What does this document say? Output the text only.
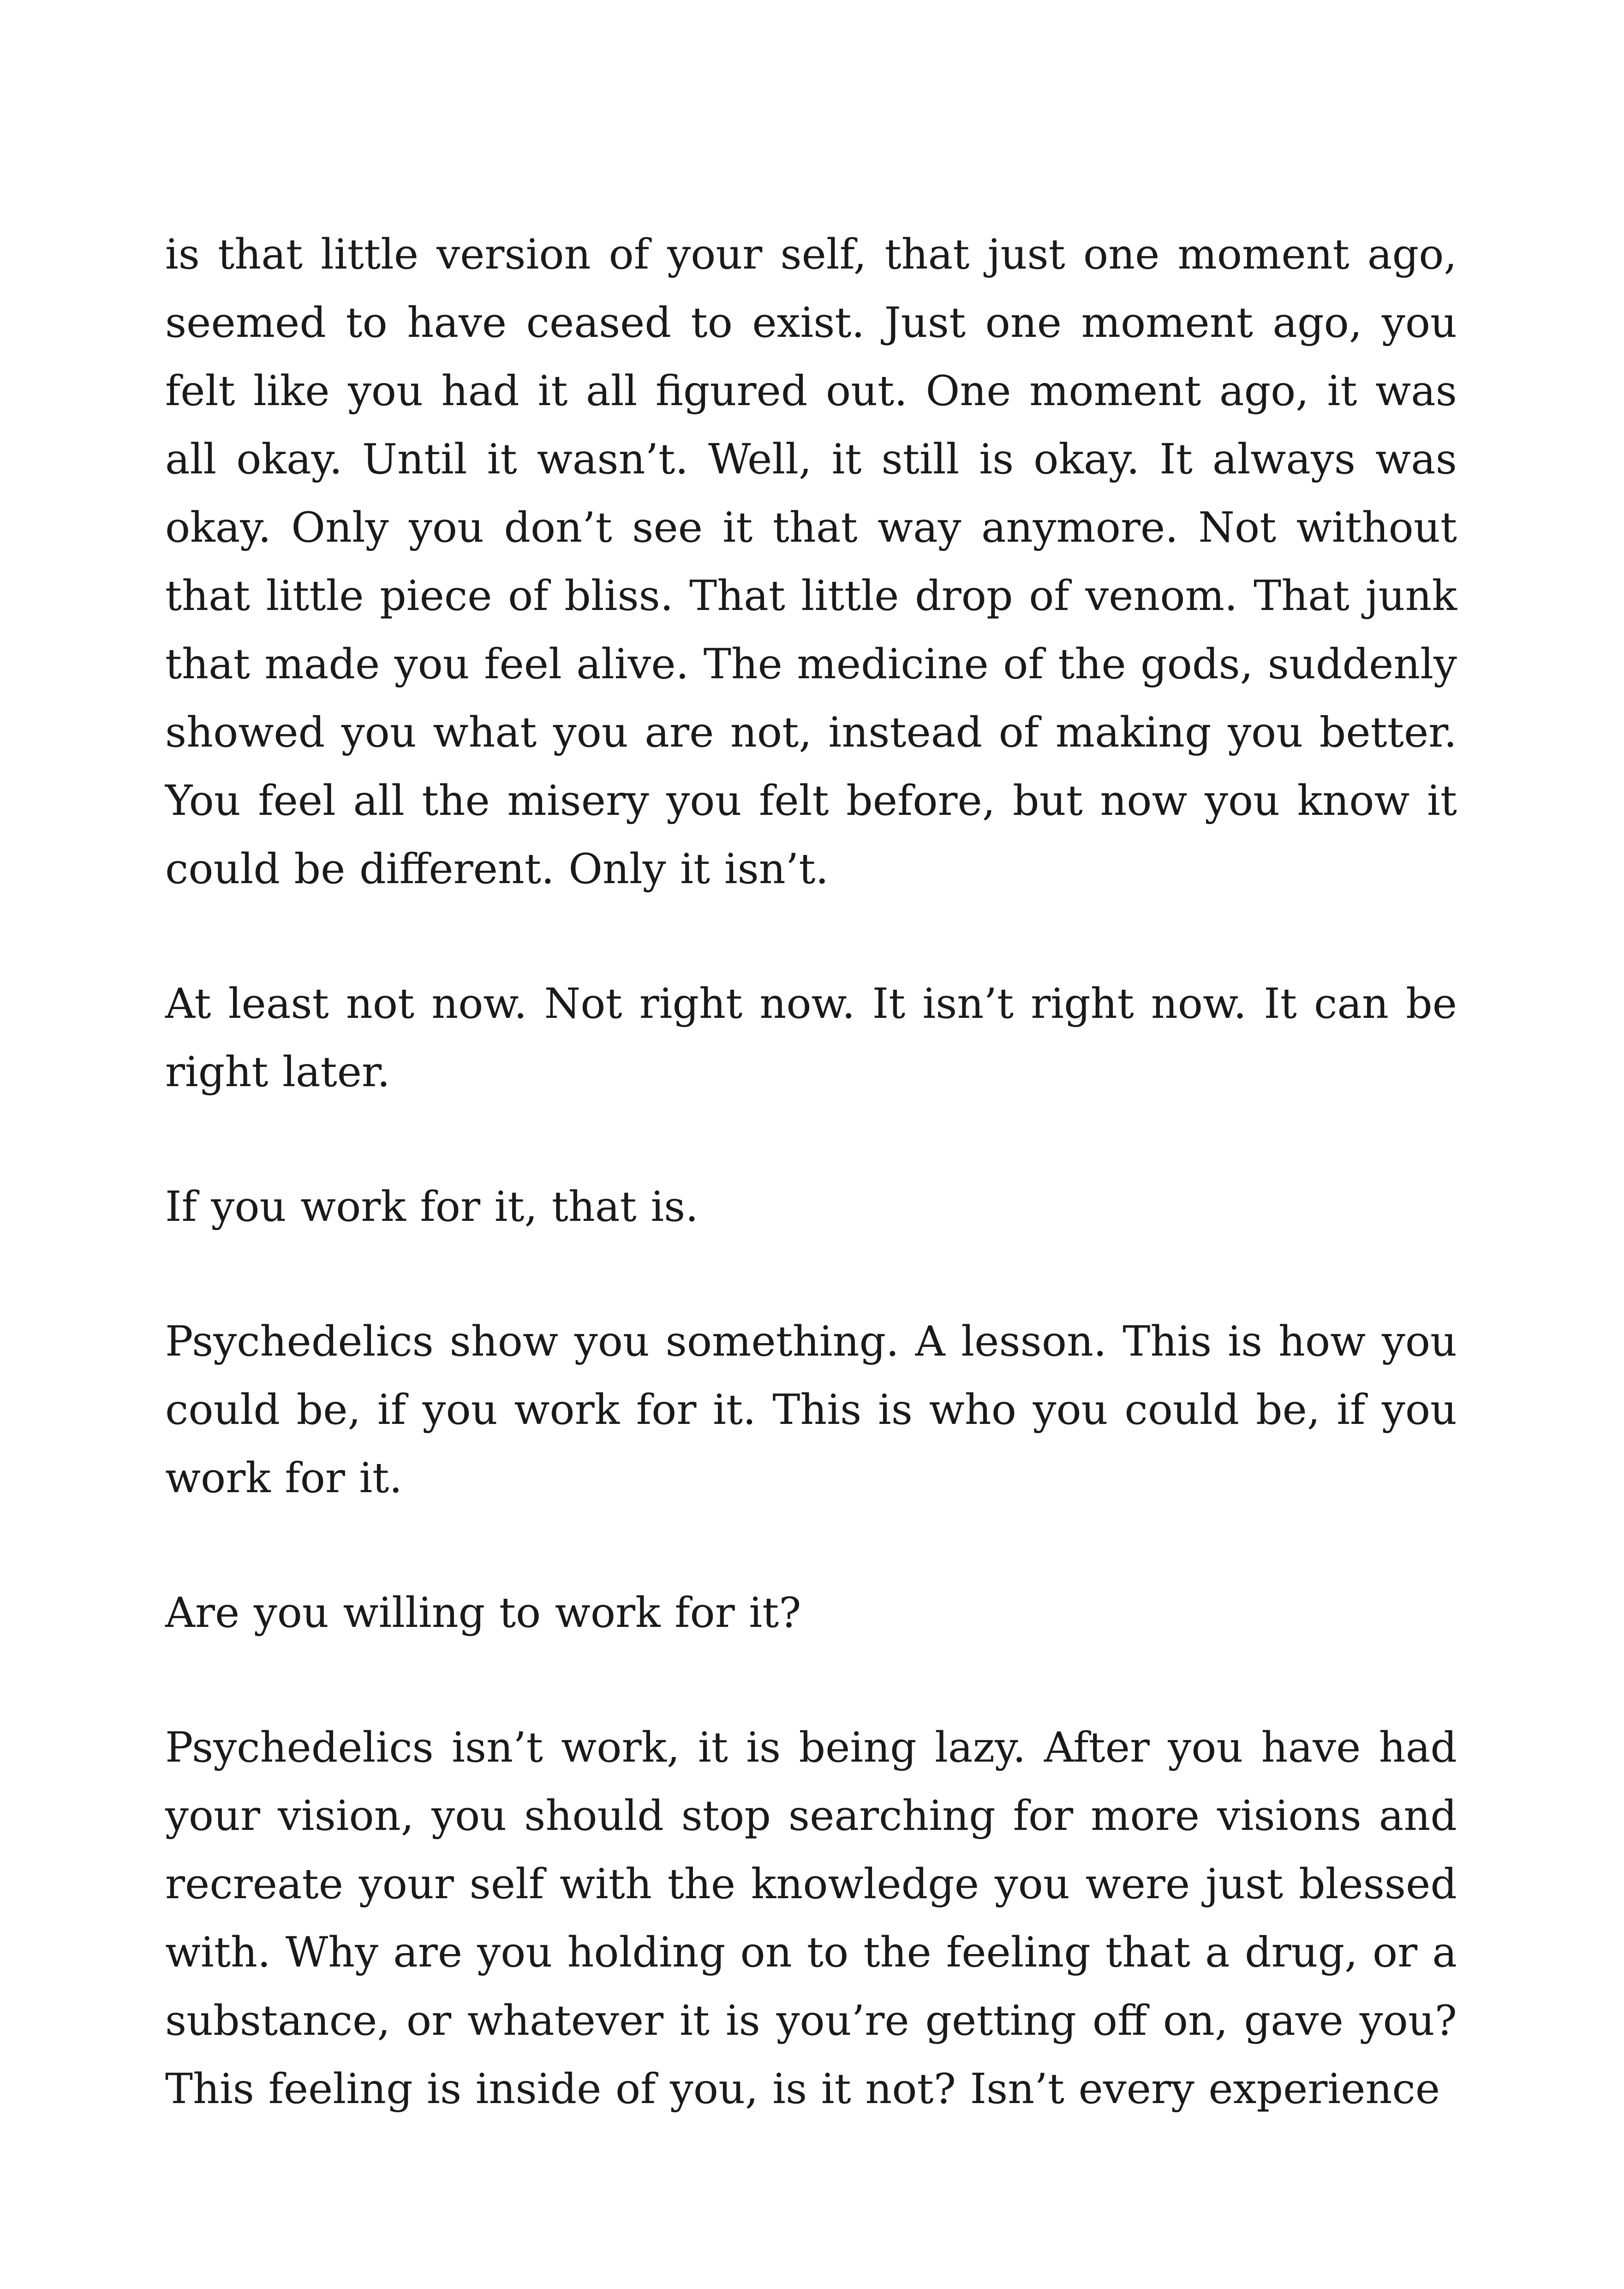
is that little version of your self, that just one moment ago, seemed to have ceased to exist. Just one moment ago, you felt like you had it all figured out. One moment ago, it was all okay. Until it wasn’t. Well, it still is okay. It always was okay. Only you don’t see it that way anymore. Not without that little piece of bliss. That little drop of venom. That junk that made you feel alive. The medicine of the gods, suddenly showed you what you are not, instead of making you better. You feel all the misery you felt before, but now you know it could be different. Only it isn’t.

At least not now. Not right now. It isn’t right now. It can be right later.

If you work for it, that is.

Psychedelics show you something. A lesson. This is how you could be, if you work for it. This is who you could be, if you work for it.

Are you willing to work for it?

Psychedelics isn’t work, it is being lazy. After you have had your vision, you should stop searching for more visions and recreate your self with the knowledge you were just blessed with. Why are you holding on to the feeling that a drug, or a substance, or whatever it is you’re getting off on, gave you? This feeling is inside of you, is it not? Isn’t every experience
